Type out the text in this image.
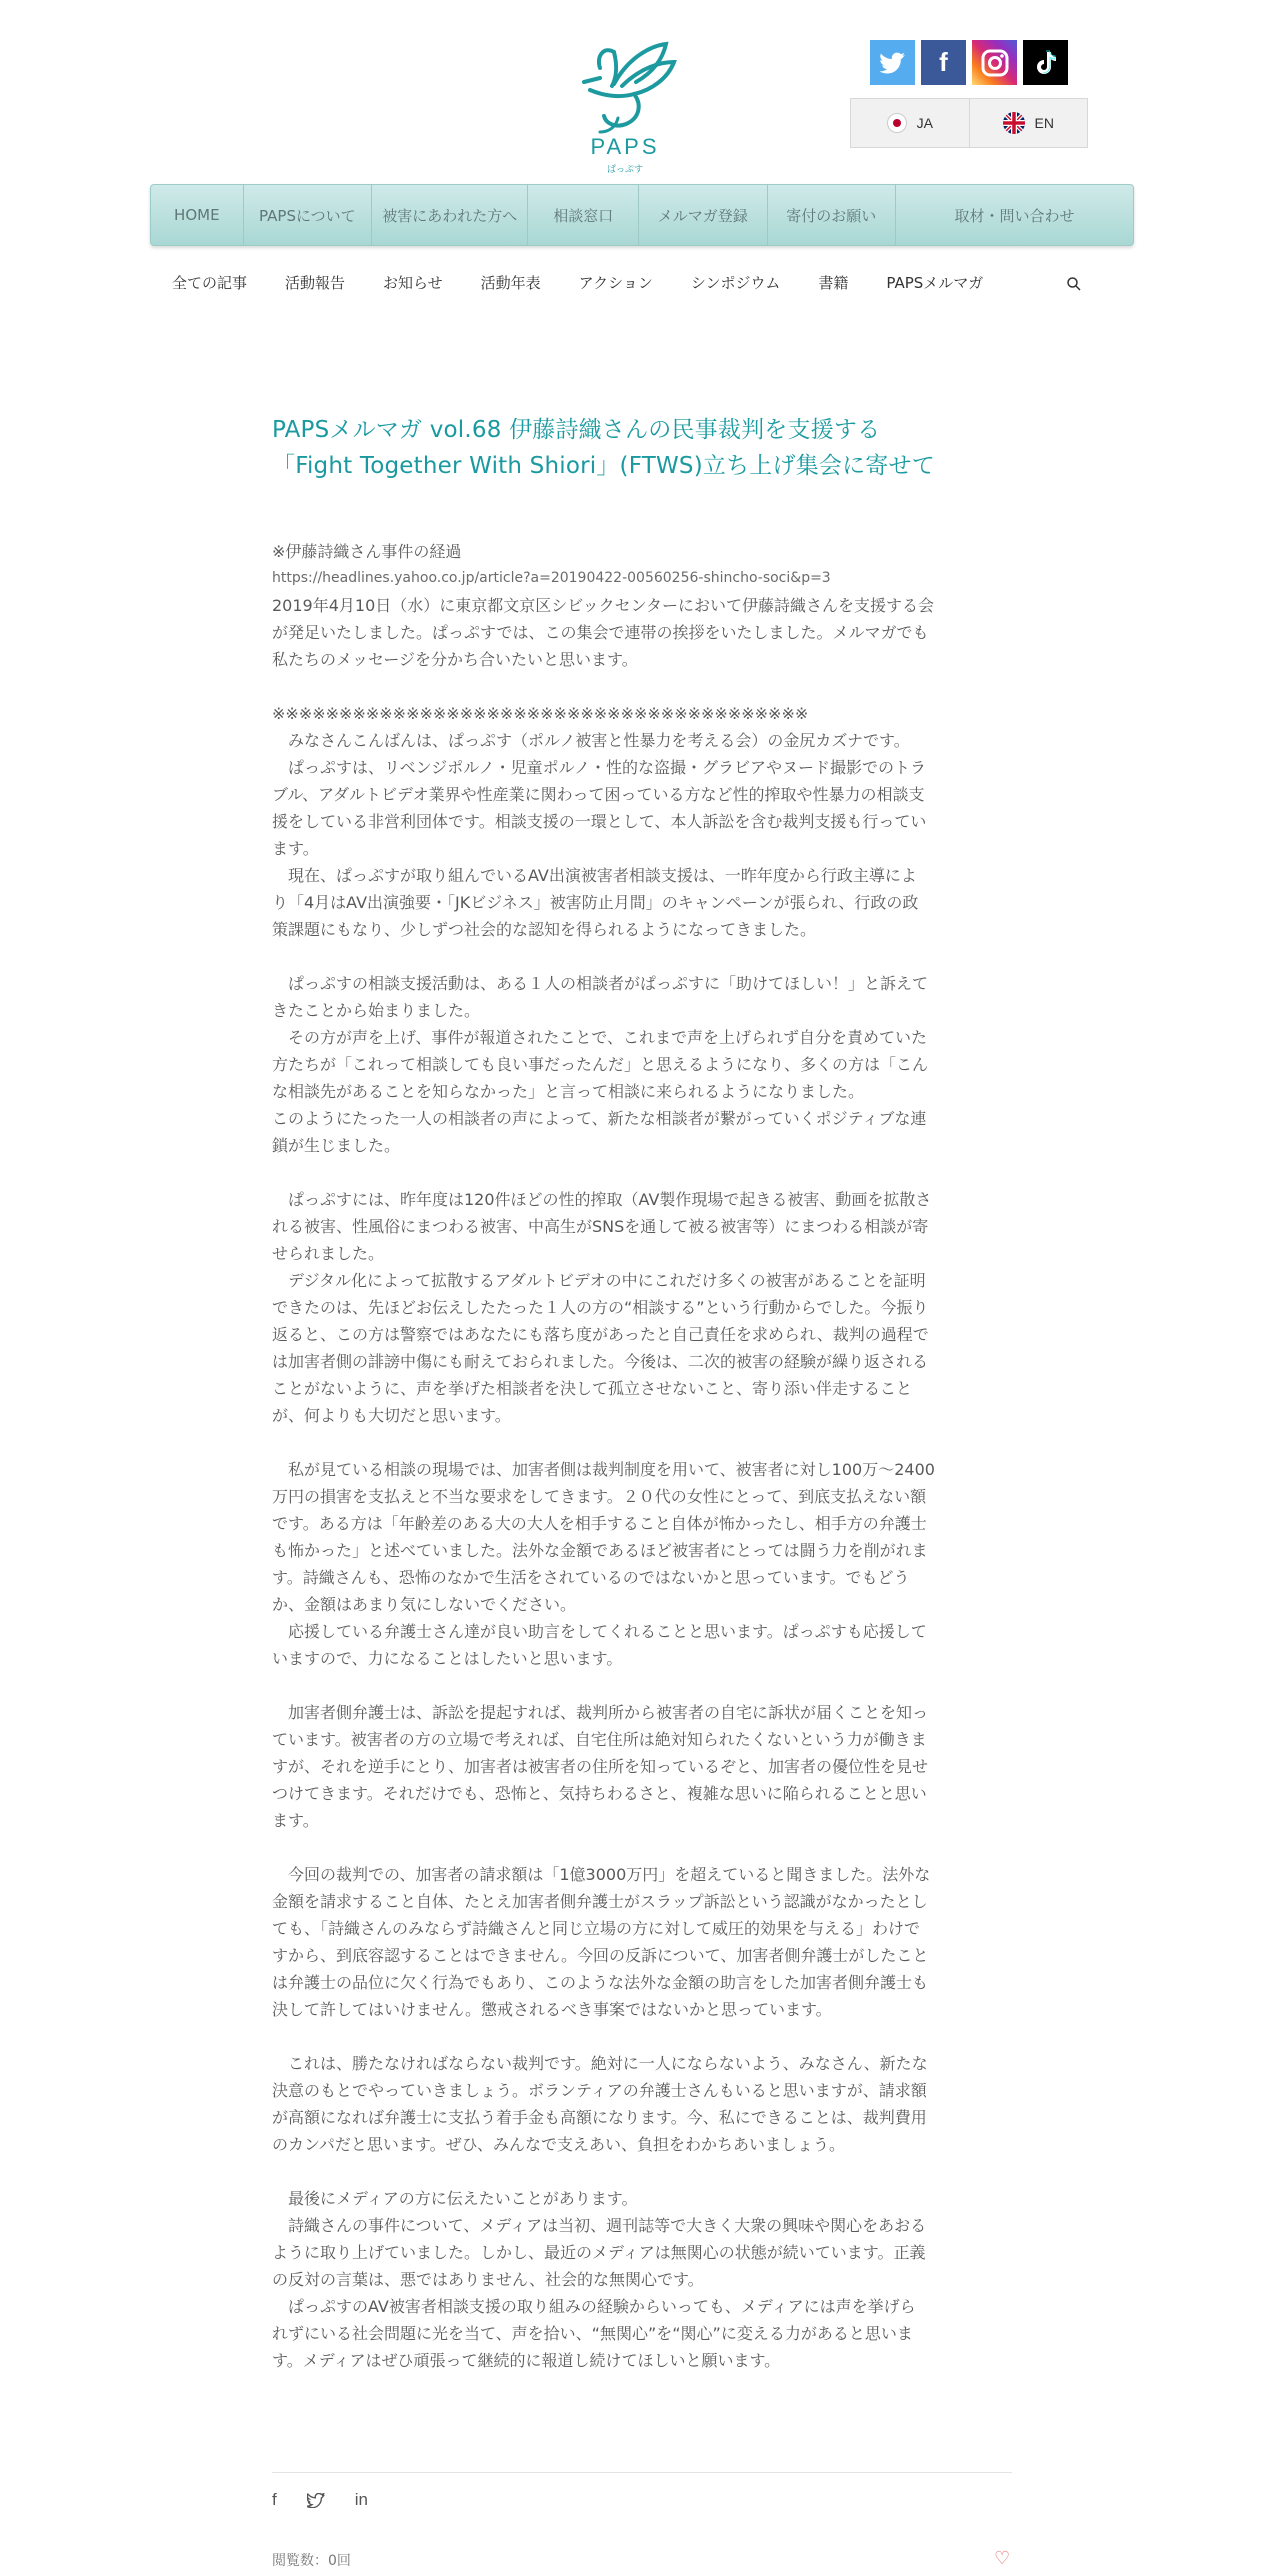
PAPS
ぱっぷす
f
JA	EN
HOME	PAPSについて	被害にあわれた方へ	相談窓口	メルマガ登録	寄付のお願い	取材・問い合わせ
全ての記事	活動報告	お知らせ	活動年表	アクション	シンポジウム	書籍	PAPSメルマガ
PAPSメルマガ vol.68 伊藤詩織さんの民事裁判を支援する
「Fight Together With Shiori」(FTWS)立ち上げ集会に寄せて

※伊藤詩織さん事件の経過

https://headlines.yahoo.co.jp/article?a=20190422-00560256-shincho-soci&p=3

2019年4月10日（水）に東京都文京区シビックセンターにおいて伊藤詩織さんを支援する会

が発足いたしました。ぱっぷすでは、この集会で連帯の挨拶をいたしました。メルマガでも

私たちのメッセージを分かち合いたいと思います。

※※※※※※※※※※※※※※※※※※※※※※※※※※※※※※※※※※※※※※※※

　みなさんこんばんは、ぱっぷす（ポルノ被害と性暴力を考える会）の金尻カズナです。

　ぱっぷすは、リベンジポルノ・児童ポルノ・性的な盗撮・グラビアやヌード撮影でのトラ

ブル、アダルトビデオ業界や性産業に関わって困っている方など性的搾取や性暴力の相談支

援をしている非営利団体です。相談支援の一環として、本人訴訟を含む裁判支援も行ってい

ます。

　現在、ぱっぷすが取り組んでいるAV出演被害者相談支援は、一昨年度から行政主導によ

り「4月はAV出演強要・「JKビジネス」被害防止月間」のキャンペーンが張られ、行政の政

策課題にもなり、少しずつ社会的な認知を得られるようになってきました。

　ぱっぷすの相談支援活動は、ある１人の相談者がぱっぷすに「助けてほしい！」と訴えて

きたことから始まりました。

　その方が声を上げ、事件が報道されたことで、これまで声を上げられず自分を責めていた

方たちが「これって相談しても良い事だったんだ」と思えるようになり、多くの方は「こん

な相談先があることを知らなかった」と言って相談に来られるようになりました。

このようにたった一人の相談者の声によって、新たな相談者が繋がっていくポジティブな連

鎖が生じました。

　ぱっぷすには、昨年度は120件ほどの性的搾取（AV製作現場で起きる被害、動画を拡散さ

れる被害、性風俗にまつわる被害、中高生がSNSを通して被る被害等）にまつわる相談が寄

せられました。

　デジタル化によって拡散するアダルトビデオの中にこれだけ多くの被害があることを証明

できたのは、先ほどお伝えしたたった１人の方の“相談する”という行動からでした。今振り

返ると、この方は警察ではあなたにも落ち度があったと自己責任を求められ、裁判の過程で

は加害者側の誹謗中傷にも耐えておられました。今後は、二次的被害の経験が繰り返される

ことがないように、声を挙げた相談者を決して孤立させないこと、寄り添い伴走すること

が、何よりも大切だと思います。

　私が見ている相談の現場では、加害者側は裁判制度を用いて、被害者に対し100万～2400

万円の損害を支払えと不当な要求をしてきます。２０代の女性にとって、到底支払えない額

です。ある方は「年齢差のある大の大人を相手すること自体が怖かったし、相手方の弁護士

も怖かった」と述べていました。法外な金額であるほど被害者にとっては闘う力を削がれま

す。詩織さんも、恐怖のなかで生活をされているのではないかと思っています。でもどう

か、金額はあまり気にしないでください。

　応援している弁護士さん達が良い助言をしてくれることと思います。ぱっぷすも応援して

いますので、力になることはしたいと思います。

　加害者側弁護士は、訴訟を提起すれば、裁判所から被害者の自宅に訴状が届くことを知っ

ています。被害者の方の立場で考えれば、自宅住所は絶対知られたくないという力が働きま

すが、それを逆手にとり、加害者は被害者の住所を知っているぞと、加害者の優位性を見せ

つけてきます。それだけでも、恐怖と、気持ちわるさと、複雑な思いに陥られることと思い

ます。

　今回の裁判での、加害者の請求額は「1億3000万円」を超えていると聞きました。法外な

金額を請求すること自体、たとえ加害者側弁護士がスラップ訴訟という認識がなかったとし

ても、「詩織さんのみならず詩織さんと同じ立場の方に対して威圧的効果を与える」わけで

すから、到底容認することはできません。今回の反訴について、加害者側弁護士がしたこと

は弁護士の品位に欠く行為でもあり、このような法外な金額の助言をした加害者側弁護士も

決して許してはいけません。懲戒されるべき事案ではないかと思っています。

　これは、勝たなければならない裁判です。絶対に一人にならないよう、みなさん、新たな

決意のもとでやっていきましょう。ボランティアの弁護士さんもいると思いますが、請求額

が高額になれば弁護士に支払う着手金も高額になります。今、私にできることは、裁判費用

のカンパだと思います。ぜひ、みんなで支えあい、負担をわかちあいましょう。

　最後にメディアの方に伝えたいことがあります。

　詩織さんの事件について、メディアは当初、週刊誌等で大きく大衆の興味や関心をあおる

ように取り上げていました。しかし、最近のメディアは無関心の状態が続いています。正義

の反対の言葉は、悪ではありません、社会的な無関心です。

　ぱっぷすのAV被害者相談支援の取り組みの経験からいっても、メディアには声を挙げら

れずにいる社会問題に光を当て、声を拾い、“無関心”を“関心”に変える力があると思いま

す。メディアはぜひ頑張って継続的に報道し続けてほしいと願います。

f	in
閲覧数：0回	♡
